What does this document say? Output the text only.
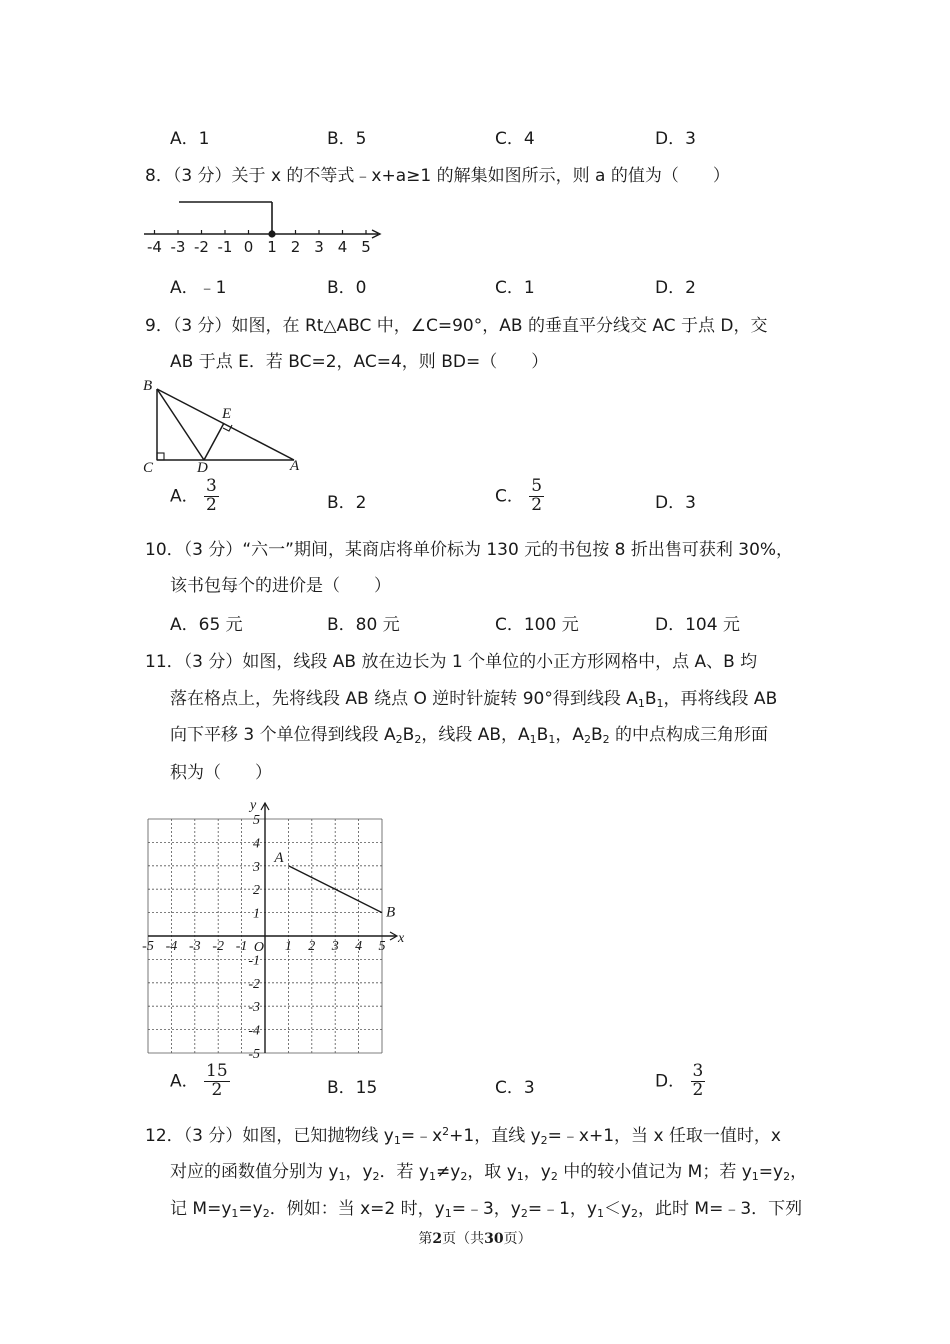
A．1	B．5	C．4	D．3
8．（3 分）关于 x 的不等式﹣x+a≥1 的解集如图所示，则 a 的值为（　　）
-4 -3 -2 -1 0 1 2 3 4 5
A．﹣1	B．0	C．1	D．2
9．（3 分）如图，在 Rt△ABC 中，∠C=90°，AB 的垂直平分线交 AC 于点 D，交
AB 于点 E．若 BC=2，AC=4，则 BD=（　　）
B
E
C	D	A
A． $\frac{3}{2}$	B．2	C． $\frac{5}{2}$	D．3
10．（3 分）“六一”期间，某商店将单价标为 130 元的书包按 8 折出售可获利 30%，
该书包每个的进价是（　　）
A．65 元	B．80 元	C．100 元	D．104 元
11．（3 分）如图，线段 AB 放在边长为 1 个单位的小正方形网格中，点 A、B 均
落在格点上，先将线段 AB 绕点 O 逆时针旋转 90°得到线段 $A_1B_1$，再将线段 AB
向下平移 3 个单位得到线段 $A_2B_2$，线段 AB，$A_1B_1$，$A_2B_2$ 的中点构成三角形面
积为（　　）
-5 -4 -3 -2 -1	1 2 3 4 5
5
4
3
2
1
-1
-2
-3
-4
-5
x
y
O
A
B
A． $\frac{15}{2}$	B．15	C．3	D． $\frac{3}{2}$
12．（3 分）如图，已知抛物线 $y_1=﹣x^2+1$，直线 $y_2=﹣x+1$，当 x 任取一值时，x
对应的函数值分别为 $y_1$，$y_2$．若 $y_1\ne y_2$，取 $y_1$，$y_2$ 中的较小值记为 M；若 $y_1=y_2$，
记 $M=y_1=y_2$．例如：当 x=2 时，$y_1=﹣3$，$y_2=﹣1$，$y_1<y_2$，此时 M=﹣3．下列
第2页（共30页）
